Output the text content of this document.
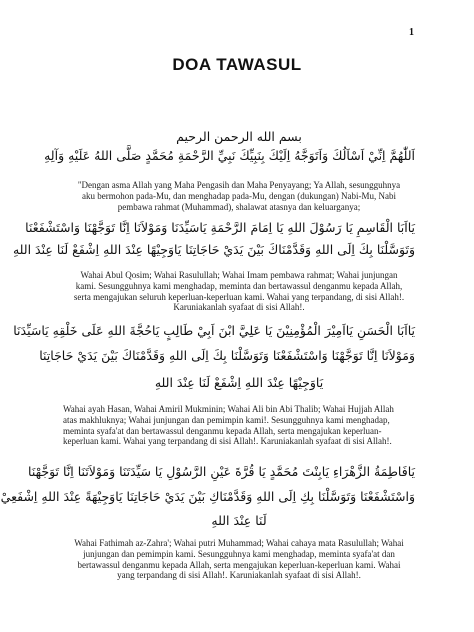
1
DOA TAWASUL
بسم الله الرحمن الرحيم
اَللّٰهُمَّ اِنِّيْ اَسْاَلُكَ وَاَتَوَجَّهُ اِلَيْكَ بِنَبِيِّكَ نَبِيِّ الرَّحْمَةِ مُحَمَّدٍ صَلَّى اللهُ عَلَيْهِ وَآلِهِ
"Dengan asma Allah yang Maha Pengasih dan Maha Penyayang; Ya Allah, sesungguhnya
aku bermohon pada-Mu, dan menghadap pada-Mu, dengan (dukungan) Nabi-Mu, Nabi
pembawa rahmat (Muhammad), shalawat atasnya dan keluarganya;
يَااَبَا الْقَاسِمِ يَا رَسُوْلَ اللهِ يَا اِمَامَ الرَّحْمَةِ يَاسَيِّدَنَا وَمَوْلاَنَا اِنَّا تَوَجَّهْنَا وَاسْتَشْفَعْنَا
وَتَوَسَّلْنَا بِكَ اِلَى اللهِ وَقَدَّمْنَاكَ بَيْنَ يَدَيْ حَاجَاتِنَا يَاوَجِيْهًا عِنْدَ اللهِ اِشْفَعْ لَنَا عِنْدَ اللهِ
Wahai Abul Qosim; Wahai Rasulullah; Wahai Imam pembawa rahmat; Wahai junjungan
kami. Sesungguhnya kami menghadap, meminta dan bertawassul denganmu kepada Allah,
serta mengajukan seluruh keperluan-keperluan kami. Wahai yang terpandang, di sisi Allah!.
Karuniakanlah syafaat di sisi Allah!.
يَااَبَا الْحَسَنِ يَااَمِيْرَ الْمُؤْمِنِيْنَ يَا عَلِيَّ ابْنَ اَبِيْ طَالِبٍ يَاحُجَّةَ اللهِ عَلَى خَلْقِهِ يَاسَيِّدَنَا
وَمَوْلاَنَا اِنَّا تَوَجَّهْنَا وَاسْتَشْفَعْنَا وَتَوَسَّلْنَا بِكَ اِلَى اللهِ وَقَدَّمْنَاكَ بَيْنَ يَدَيْ حَاجَاتِنَا
يَاوَجِيْهًا عِنْدَ اللهِ اِشْفَعْ لَنَا عِنْدَ اللهِ
Wahai ayah Hasan, Wahai Amiril Mukminin; Wahai Ali bin Abi Thalib; Wahai Hujjah Allah
atas makhluknya; Wahai junjungan dan pemimpin kami!. Sesungguhnya kami menghadap,
meminta syafa'at dan bertawassul denganmu kepada Allah, serta mengajukan keperluan-
keperluan kami. Wahai yang terpandang di sisi Allah!. Karuniakanlah syafaat di sisi Allah!.
يَافَاطِمَةُ الزَّهْرَاءِ يَابِنْتَ مُحَمَّدٍ يَا قُرَّةَ عَيْنِ الرَّسُوْلِ يَا سَيِّدَتَنَا وَمَوْلاَتَنَا اِنَّا تَوَجَّهْنَا
وَاسْتَشْفَعْنَا وَتَوَسَّلْنَا بِكِ اِلَى اللهِ وَقَدَّمْنَاكِ بَيْنَ يَدَيْ حَاجَاتِنَا يَاوَجِيْهَةً عِنْدَ اللهِ اِشْفَعِيْ
لَنَا عِنْدَ اللهِ
Wahai Fathimah az-Zahra'; Wahai putri Muhammad; Wahai cahaya mata Rasulullah; Wahai
junjungan dan pemimpin kami. Sesungguhnya kami menghadap, meminta syafa'at dan
bertawassul denganmu kepada Allah, serta mengajukan keperluan-keperluan kami. Wahai
yang terpandang di sisi Allah!. Karuniakanlah syafaat di sisi Allah!.
